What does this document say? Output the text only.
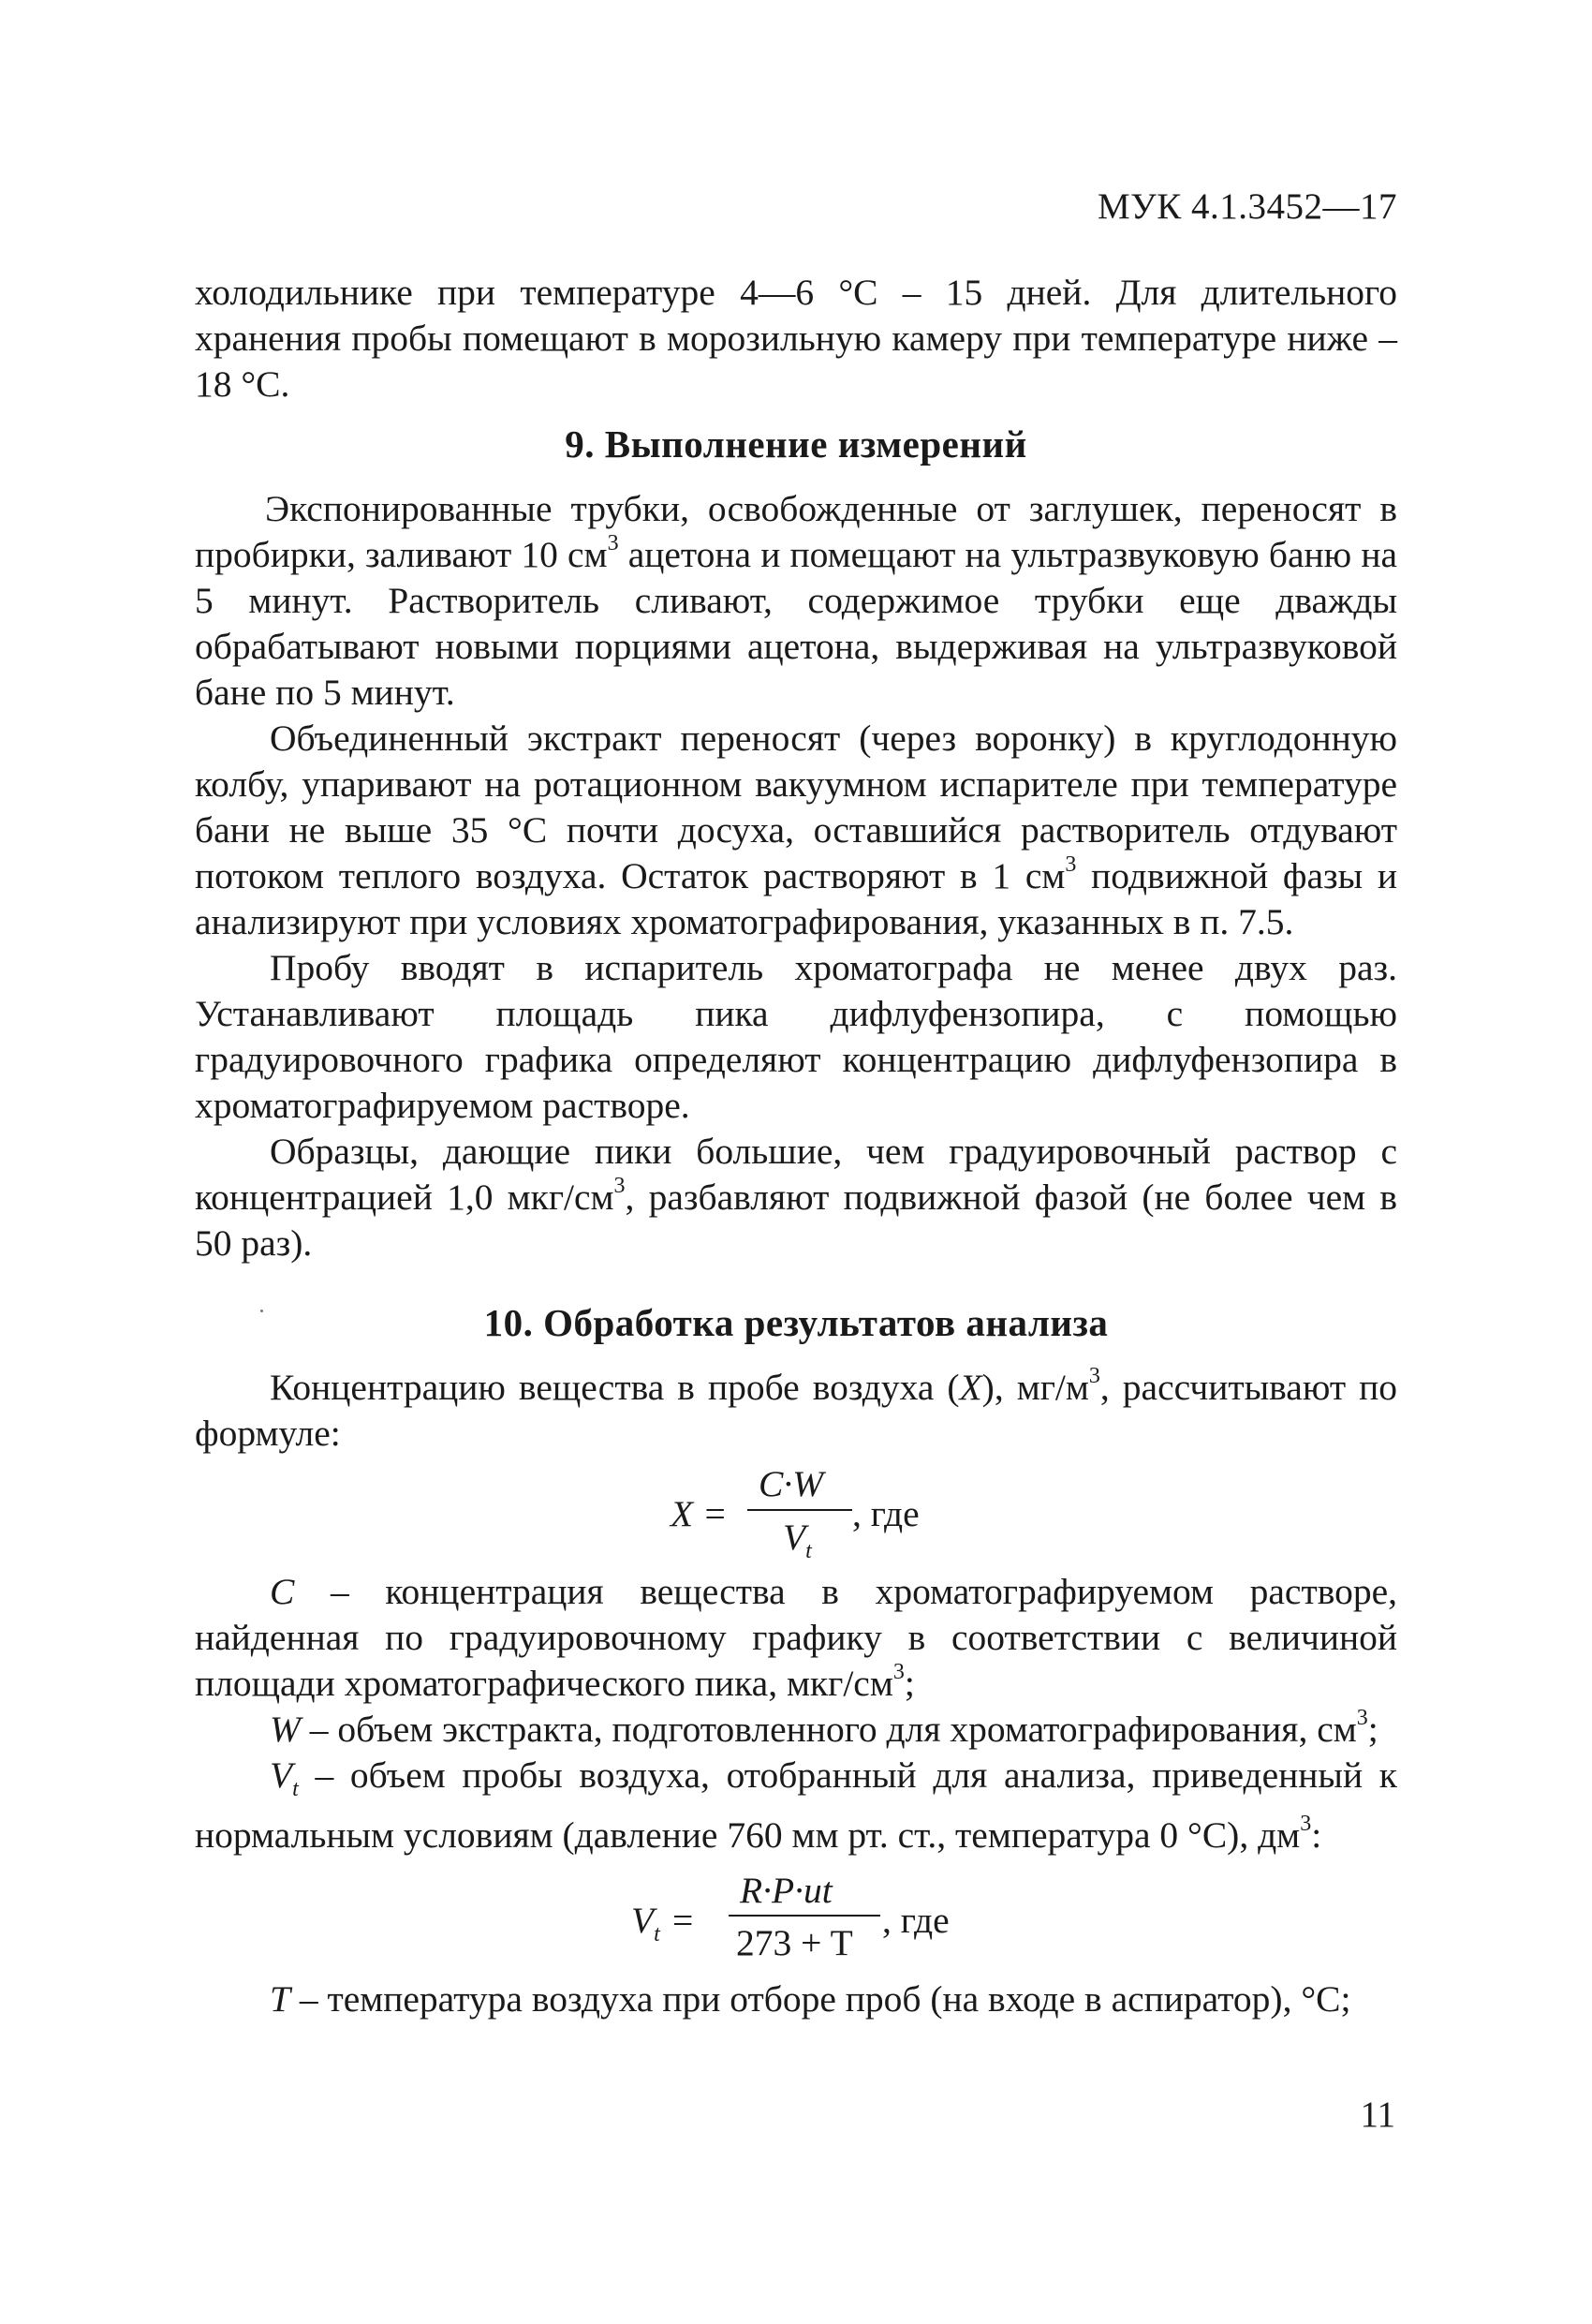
МУК 4.1.3452—17

холодильнике при температуре 4—6 °С – 15 дней. Для длительного хранения пробы помещают в морозильную камеру при температуре ниже –18 °С.

9. Выполнение измерений

Экспонированные трубки, освобожденные от заглушек, переносят в пробирки, заливают 10 $см^3$ ацетона и помещают на ультразвуковую баню на 5 минут. Растворитель сливают, содержимое трубки еще дважды обрабатывают новыми порциями ацетона, выдерживая на ультразвуковой бане по 5 минут.

Объединенный экстракт переносят (через воронку) в круглодонную колбу, упаривают на ротационном вакуумном испарителе при температуре бани не выше 35 °С почти досуха, оставшийся растворитель отдувают потоком теплого воздуха. Остаток растворяют в 1 $см^3$ подвижной фазы и анализируют при условиях хроматографирования, указанных в п. 7.5.

Пробу вводят в испаритель хроматографа не менее двух раз. Устанавливают площадь пика дифлуфензопира, с помощью градуировочного графика определяют концентрацию дифлуфензопира в хроматографируемом растворе.

Образцы, дающие пики большие, чем градуировочный раствор с концентрацией 1,0 мкг/$см^3$, разбавляют подвижной фазой (не более чем в 50 раз).

10. Обработка результатов анализа

Концентрацию вещества в пробе воздуха (X), $мг/м^3$, рассчитывают по формуле:

X =
C·W
$V_t$
, где

C – концентрация вещества в хроматографируемом растворе, найденная по градуировочному графику в соответствии с величиной площади хроматографического пика, мкг/$см^3$;

W – объем экстракта, подготовленного для хроматографирования, $см^3$;

$V_t$ – объем пробы воздуха, отобранный для анализа, приведенный к нормальным условиям (давление 760 мм рт. ст., температура 0 °С), $дм^3$:

$V_t$ =
R·P·ut
273 + T
, где

T – температура воздуха при отборе проб (на входе в аспиратор), °С;

11
